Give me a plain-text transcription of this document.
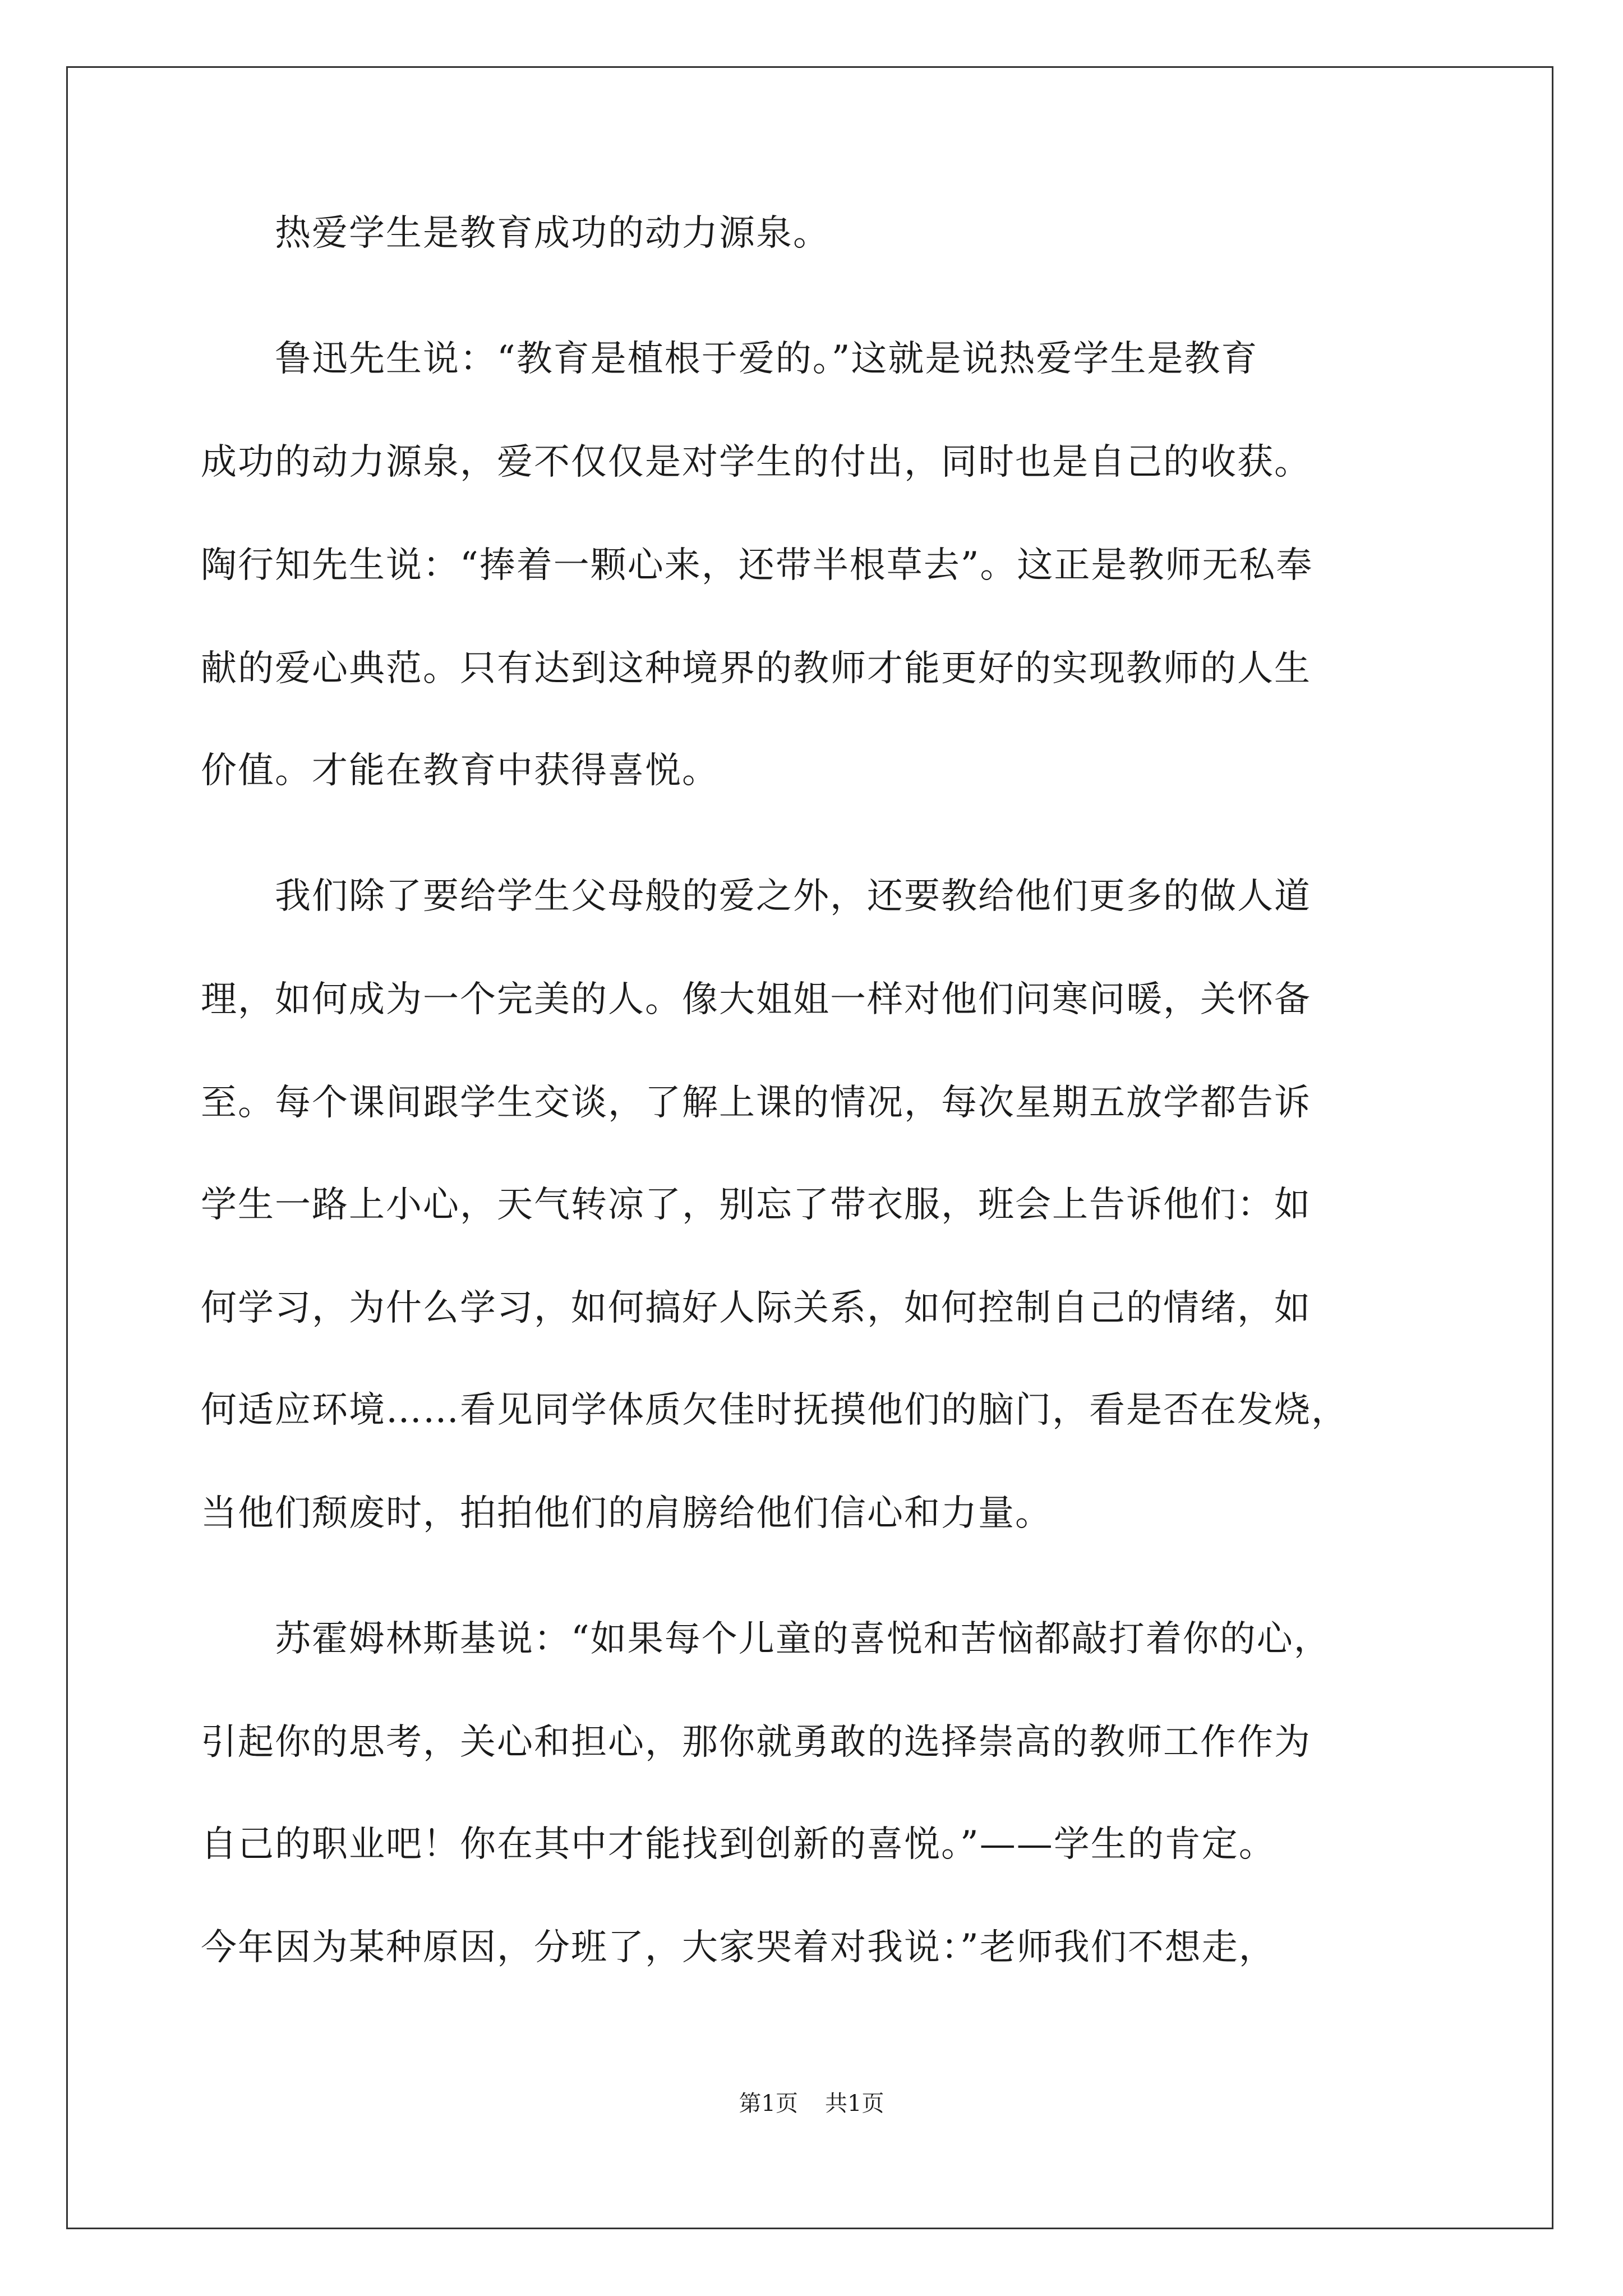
热爱学生是教育成功的动力源泉。
鲁迅先生说：“教育是植根于爱的。”这就是说热爱学生是教育
成功的动力源泉，爱不仅仅是对学生的付出，同时也是自己的收获。
陶行知先生说：“捧着一颗心来，还带半根草去”。这正是教师无私奉
献的爱心典范。只有达到这种境界的教师才能更好的实现教师的人生
价值。才能在教育中获得喜悦。
我们除了要给学生父母般的爱之外，还要教给他们更多的做人道
理，如何成为一个完美的人。像大姐姐一样对他们问寒问暖，关怀备
至。每个课间跟学生交谈，了解上课的情况，每次星期五放学都告诉
学生一路上小心，天气转凉了，别忘了带衣服，班会上告诉他们：如
何学习，为什么学习，如何搞好人际关系，如何控制自己的情绪，如
何适应环境……看见同学体质欠佳时抚摸他们的脑门，看是否在发烧，
当他们颓废时，拍拍他们的肩膀给他们信心和力量。
苏霍姆林斯基说：“如果每个儿童的喜悦和苦恼都敲打着你的心，
引起你的思考，关心和担心，那你就勇敢的选择崇高的教师工作作为
自己的职业吧！你在其中才能找到创新的喜悦。”——学生的肯定。
今年因为某种原因，分班了，大家哭着对我说：”老师我们不想走，
第1页 共1页
